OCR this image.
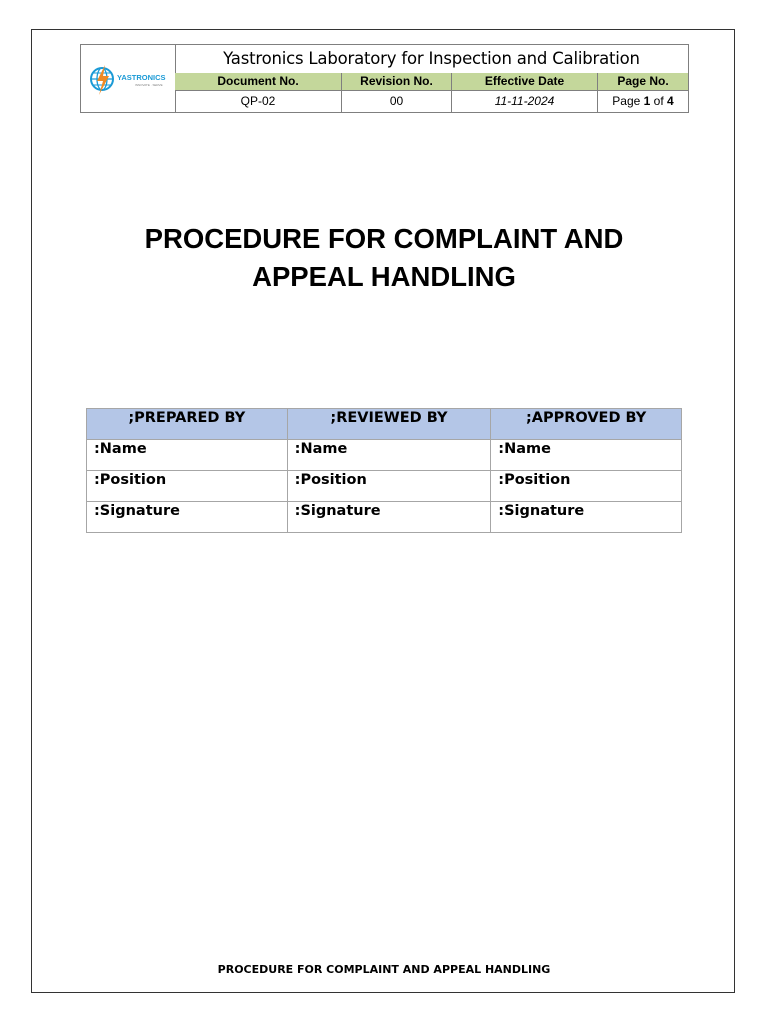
YASTRONICS
INNOVATE · SERVE
Yastronics Laboratory for Inspection and Calibration
Document No.	Revision No.	Effective Date	Page No.
QP-02	00	11-11-2024	Page 1 of 4
PROCEDURE FOR COMPLAINT AND
APPEAL HANDLING
;PREPARED BY	;REVIEWED BY	;APPROVED BY
:Name	:Name	:Name
:Position	:Position	:Position
:Signature	:Signature	:Signature
PROCEDURE FOR COMPLAINT AND APPEAL HANDLING
